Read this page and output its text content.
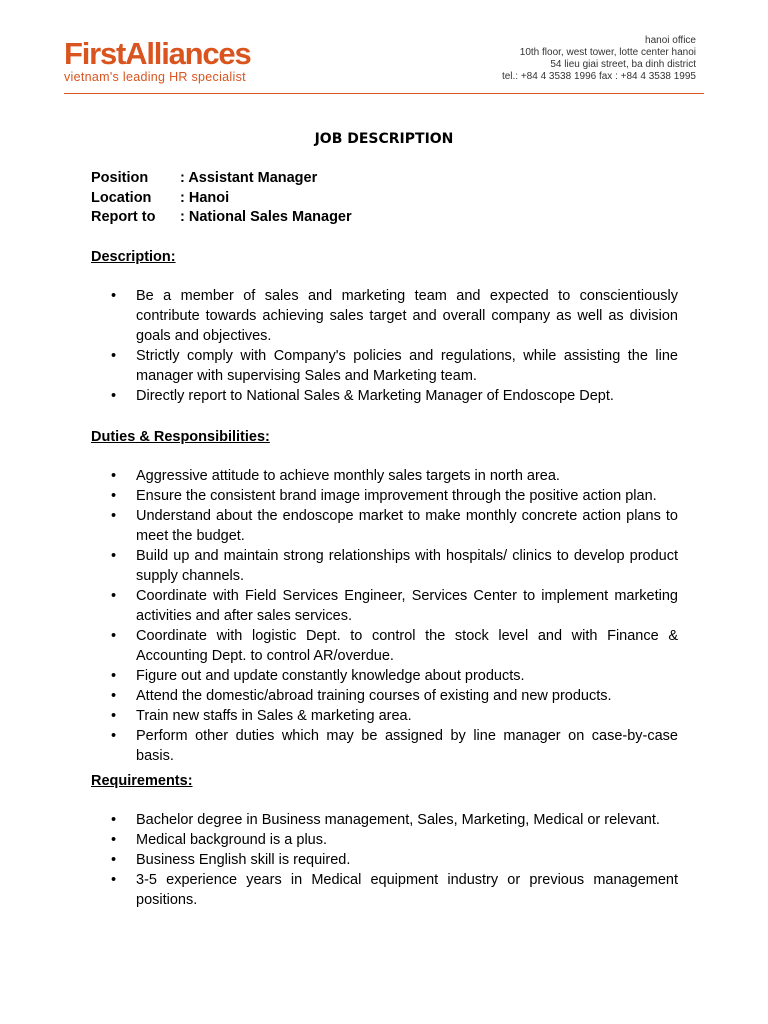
FirstAlliances
vietnam's leading HR specialist
hanoi office
10th floor, west tower, lotte center hanoi
54 lieu giai street, ba dinh district
tel.: +84 4 3538 1996 fax : +84 4 3538 1995
JOB DESCRIPTION
Position : Assistant Manager
Location : Hanoi
Report to : National Sales Manager
Description:
• Be a member of sales and marketing team and expected to conscientiously contribute towards achieving sales target and overall company as well as division goals and objectives.
• Strictly comply with Company's policies and regulations, while assisting the line manager with supervising Sales and Marketing team.
• Directly report to National Sales & Marketing Manager of Endoscope Dept.
Duties & Responsibilities:
• Aggressive attitude to achieve monthly sales targets in north area.
• Ensure the consistent brand image improvement through the positive action plan.
• Understand about the endoscope market to make monthly concrete action plans to meet the budget.
• Build up and maintain strong relationships with hospitals/ clinics to develop product supply channels.
• Coordinate with Field Services Engineer, Services Center to implement marketing activities and after sales services.
• Coordinate with logistic Dept. to control the stock level and with Finance & Accounting Dept. to control AR/overdue.
• Figure out and update constantly knowledge about products.
• Attend the domestic/abroad training courses of existing and new products.
• Train new staffs in Sales & marketing area.
• Perform other duties which may be assigned by line manager on case-by-case basis.
Requirements:
• Bachelor degree in Business management, Sales, Marketing, Medical or relevant.
• Medical background is a plus.
• Business English skill is required.
• 3-5 experience years in Medical equipment industry or previous management positions.
